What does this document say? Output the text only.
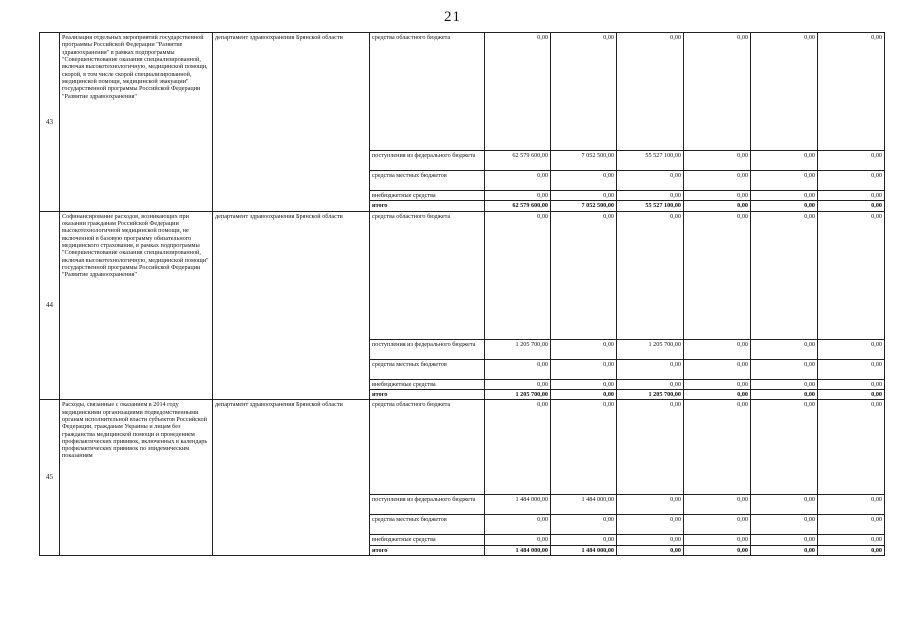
21
43	Реализация отдельных мероприятий государственной программы Российской Федерации "Развитие здравоохранения" в рамках подпрограммы "Совершенствование оказания специализированной, включая высокотехнологичную, медицинской помощи, скорой, в том числе скорой специализированной, медицинской помощи, медицинской эвакуации" государственной программы Российской Федерации "Развитие здравоохранения"	департамент здравоохранения Брянской области	средства областного бюджета	0,00	0,00	0,00	0,00	0,00	0,00
			поступления из федерального бюджета	62 579 600,00	7 052 500,00	55 527 100,00	0,00	0,00	0,00
			средства местных бюджетов	0,00	0,00	0,00	0,00	0,00	0,00
			внебюджетные средства	0,00	0,00	0,00	0,00	0,00	0,00
			итого	62 579 600,00	7 052 500,00	55 527 100,00	0,00	0,00	0,00
44	Софинансирование расходов, возникающих при оказании гражданам Российской Федерации высокотехнологичной медицинской помощи, не включенной в базовую программу обязательного медицинского страхования, в рамках подпрограммы "Совершенствование оказания специализированной, включая высокотехнологичную, медицинской помощи" государственной программы Российской Федерации "Развитие здравоохранения"	департамент здравоохранения Брянской области	средства областного бюджета	0,00	0,00	0,00	0,00	0,00	0,00
			поступления из федерального бюджета	1 205 700,00	0,00	1 205 700,00	0,00	0,00	0,00
			средства местных бюджетов	0,00	0,00	0,00	0,00	0,00	0,00
			внебюджетные средства	0,00	0,00	0,00	0,00	0,00	0,00
			итого	1 205 700,00	0,00	1 205 700,00	0,00	0,00	0,00
45	Расходы, связанные с оказанием в 2014 году медицинскими организациями подведомственными органам исполнительной власти субъектов Российской Федерации, гражданам Украины и лицам без гражданства медицинской помощи и проведением профилактических прививок, включенных в календарь профилактических прививок по эпидемическим показаниям	департамент здравоохранения Брянской области	средства областного бюджета	0,00	0,00	0,00	0,00	0,00	0,00
			поступления из федерального бюджета	1 484 000,00	1 484 000,00	0,00	0,00	0,00	0,00
			средства местных бюджетов	0,00	0,00	0,00	0,00	0,00	0,00
			внебюджетные средства	0,00	0,00	0,00	0,00	0,00	0,00
			итого	1 484 000,00	1 484 000,00	0,00	0,00	0,00	0,00
